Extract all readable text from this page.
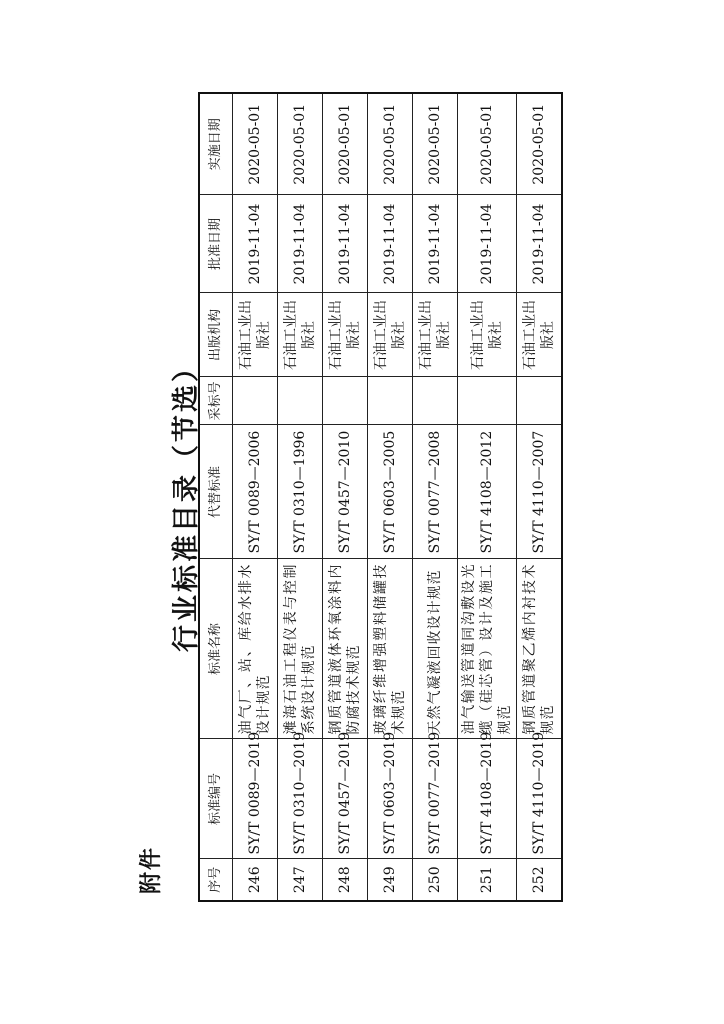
附件
行业标准目录（节选）
序号	标准编号	标准名称	代替标准	采标号	出版机构	批准日期	实施日期
246	SY/T 0089—2019	油气厂、站、库给水排水设计规范	SY/T 0089—2006		石油工业出版社	2019-11-04	2020-05-01
247	SY/T 0310—2019	滩海石油工程仪表与控制系统设计规范	SY/T 0310—1996		石油工业出版社	2019-11-04	2020-05-01
248	SY/T 0457—2019	钢质管道液体环氧涂料内防腐技术规范	SY/T 0457—2010		石油工业出版社	2019-11-04	2020-05-01
249	SY/T 0603—2019	玻璃纤维增强塑料储罐技术规范	SY/T 0603—2005		石油工业出版社	2019-11-04	2020-05-01
250	SY/T 0077—2019	天然气凝液回收设计规范	SY/T 0077—2008		石油工业出版社	2019-11-04	2020-05-01
251	SY/T 4108—2019	油气输送管道同沟敷设光缆（硅芯管）设计及施工规范	SY/T 4108—2012		石油工业出版社	2019-11-04	2020-05-01
252	SY/T 4110—2019	钢质管道聚乙烯内衬技术规范	SY/T 4110—2007		石油工业出版社	2019-11-04	2020-05-01
